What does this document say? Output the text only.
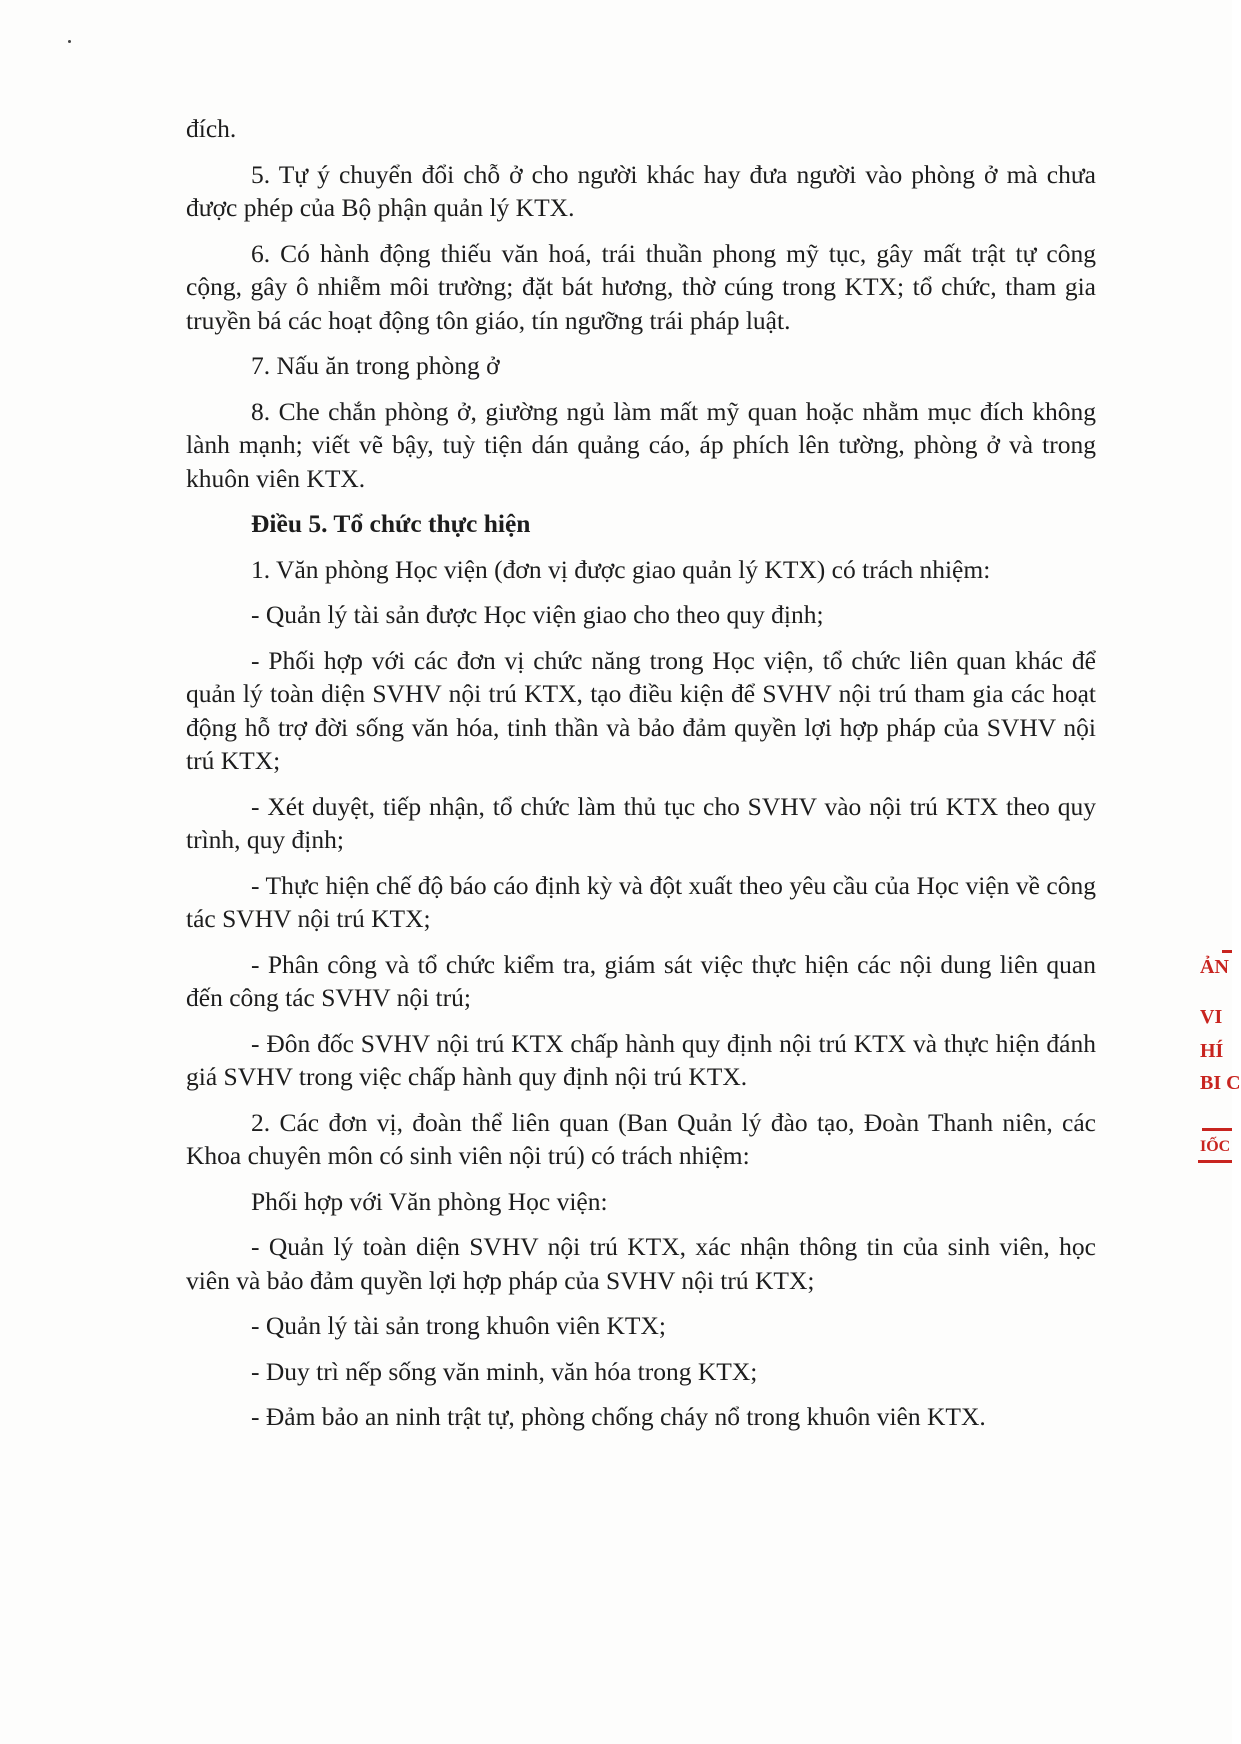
đích.

5. Tự ý chuyển đổi chỗ ở cho người khác hay đưa người vào phòng ở mà chưa được phép của Bộ phận quản lý KTX.

6. Có hành động thiếu văn hoá, trái thuần phong mỹ tục, gây mất trật tự công cộng, gây ô nhiễm môi trường; đặt bát hương, thờ cúng trong KTX; tổ chức, tham gia truyền bá các hoạt động tôn giáo, tín ngưỡng trái pháp luật.

7. Nấu ăn trong phòng ở

8. Che chắn phòng ở, giường ngủ làm mất mỹ quan hoặc nhằm mục đích không lành mạnh; viết vẽ bậy, tuỳ tiện dán quảng cáo, áp phích lên tường, phòng ở và trong khuôn viên KTX.

Điều 5. Tổ chức thực hiện

1. Văn phòng Học viện (đơn vị được giao quản lý KTX) có trách nhiệm:

- Quản lý tài sản được Học viện giao cho theo quy định;

- Phối hợp với các đơn vị chức năng trong Học viện, tổ chức liên quan khác để quản lý toàn diện SVHV nội trú KTX, tạo điều kiện để SVHV nội trú tham gia các hoạt động hỗ trợ đời sống văn hóa, tinh thần và bảo đảm quyền lợi hợp pháp của SVHV nội trú KTX;

- Xét duyệt, tiếp nhận, tổ chức làm thủ tục cho SVHV vào nội trú KTX theo quy trình, quy định;

- Thực hiện chế độ báo cáo định kỳ và đột xuất theo yêu cầu của Học viện về công tác SVHV nội trú KTX;

- Phân công và tổ chức kiểm tra, giám sát việc thực hiện các nội dung liên quan đến công tác SVHV nội trú;

- Đôn đốc SVHV nội trú KTX chấp hành quy định nội trú KTX và thực hiện đánh giá SVHV trong việc chấp hành quy định nội trú KTX.

2. Các đơn vị, đoàn thể liên quan (Ban Quản lý đào tạo, Đoàn Thanh niên, các Khoa chuyên môn có sinh viên nội trú) có trách nhiệm:

Phối hợp với Văn phòng Học viện:

- Quản lý toàn diện SVHV nội trú KTX, xác nhận thông tin của sinh viên, học viên và bảo đảm quyền lợi hợp pháp của SVHV nội trú KTX;

- Quản lý tài sản trong khuôn viên KTX;

- Duy trì nếp sống văn minh, văn hóa trong KTX;

- Đảm bảo an ninh trật tự, phòng chống cháy nổ trong khuôn viên KTX.

ẢN
VI
HÍ
BI C
IỐC
